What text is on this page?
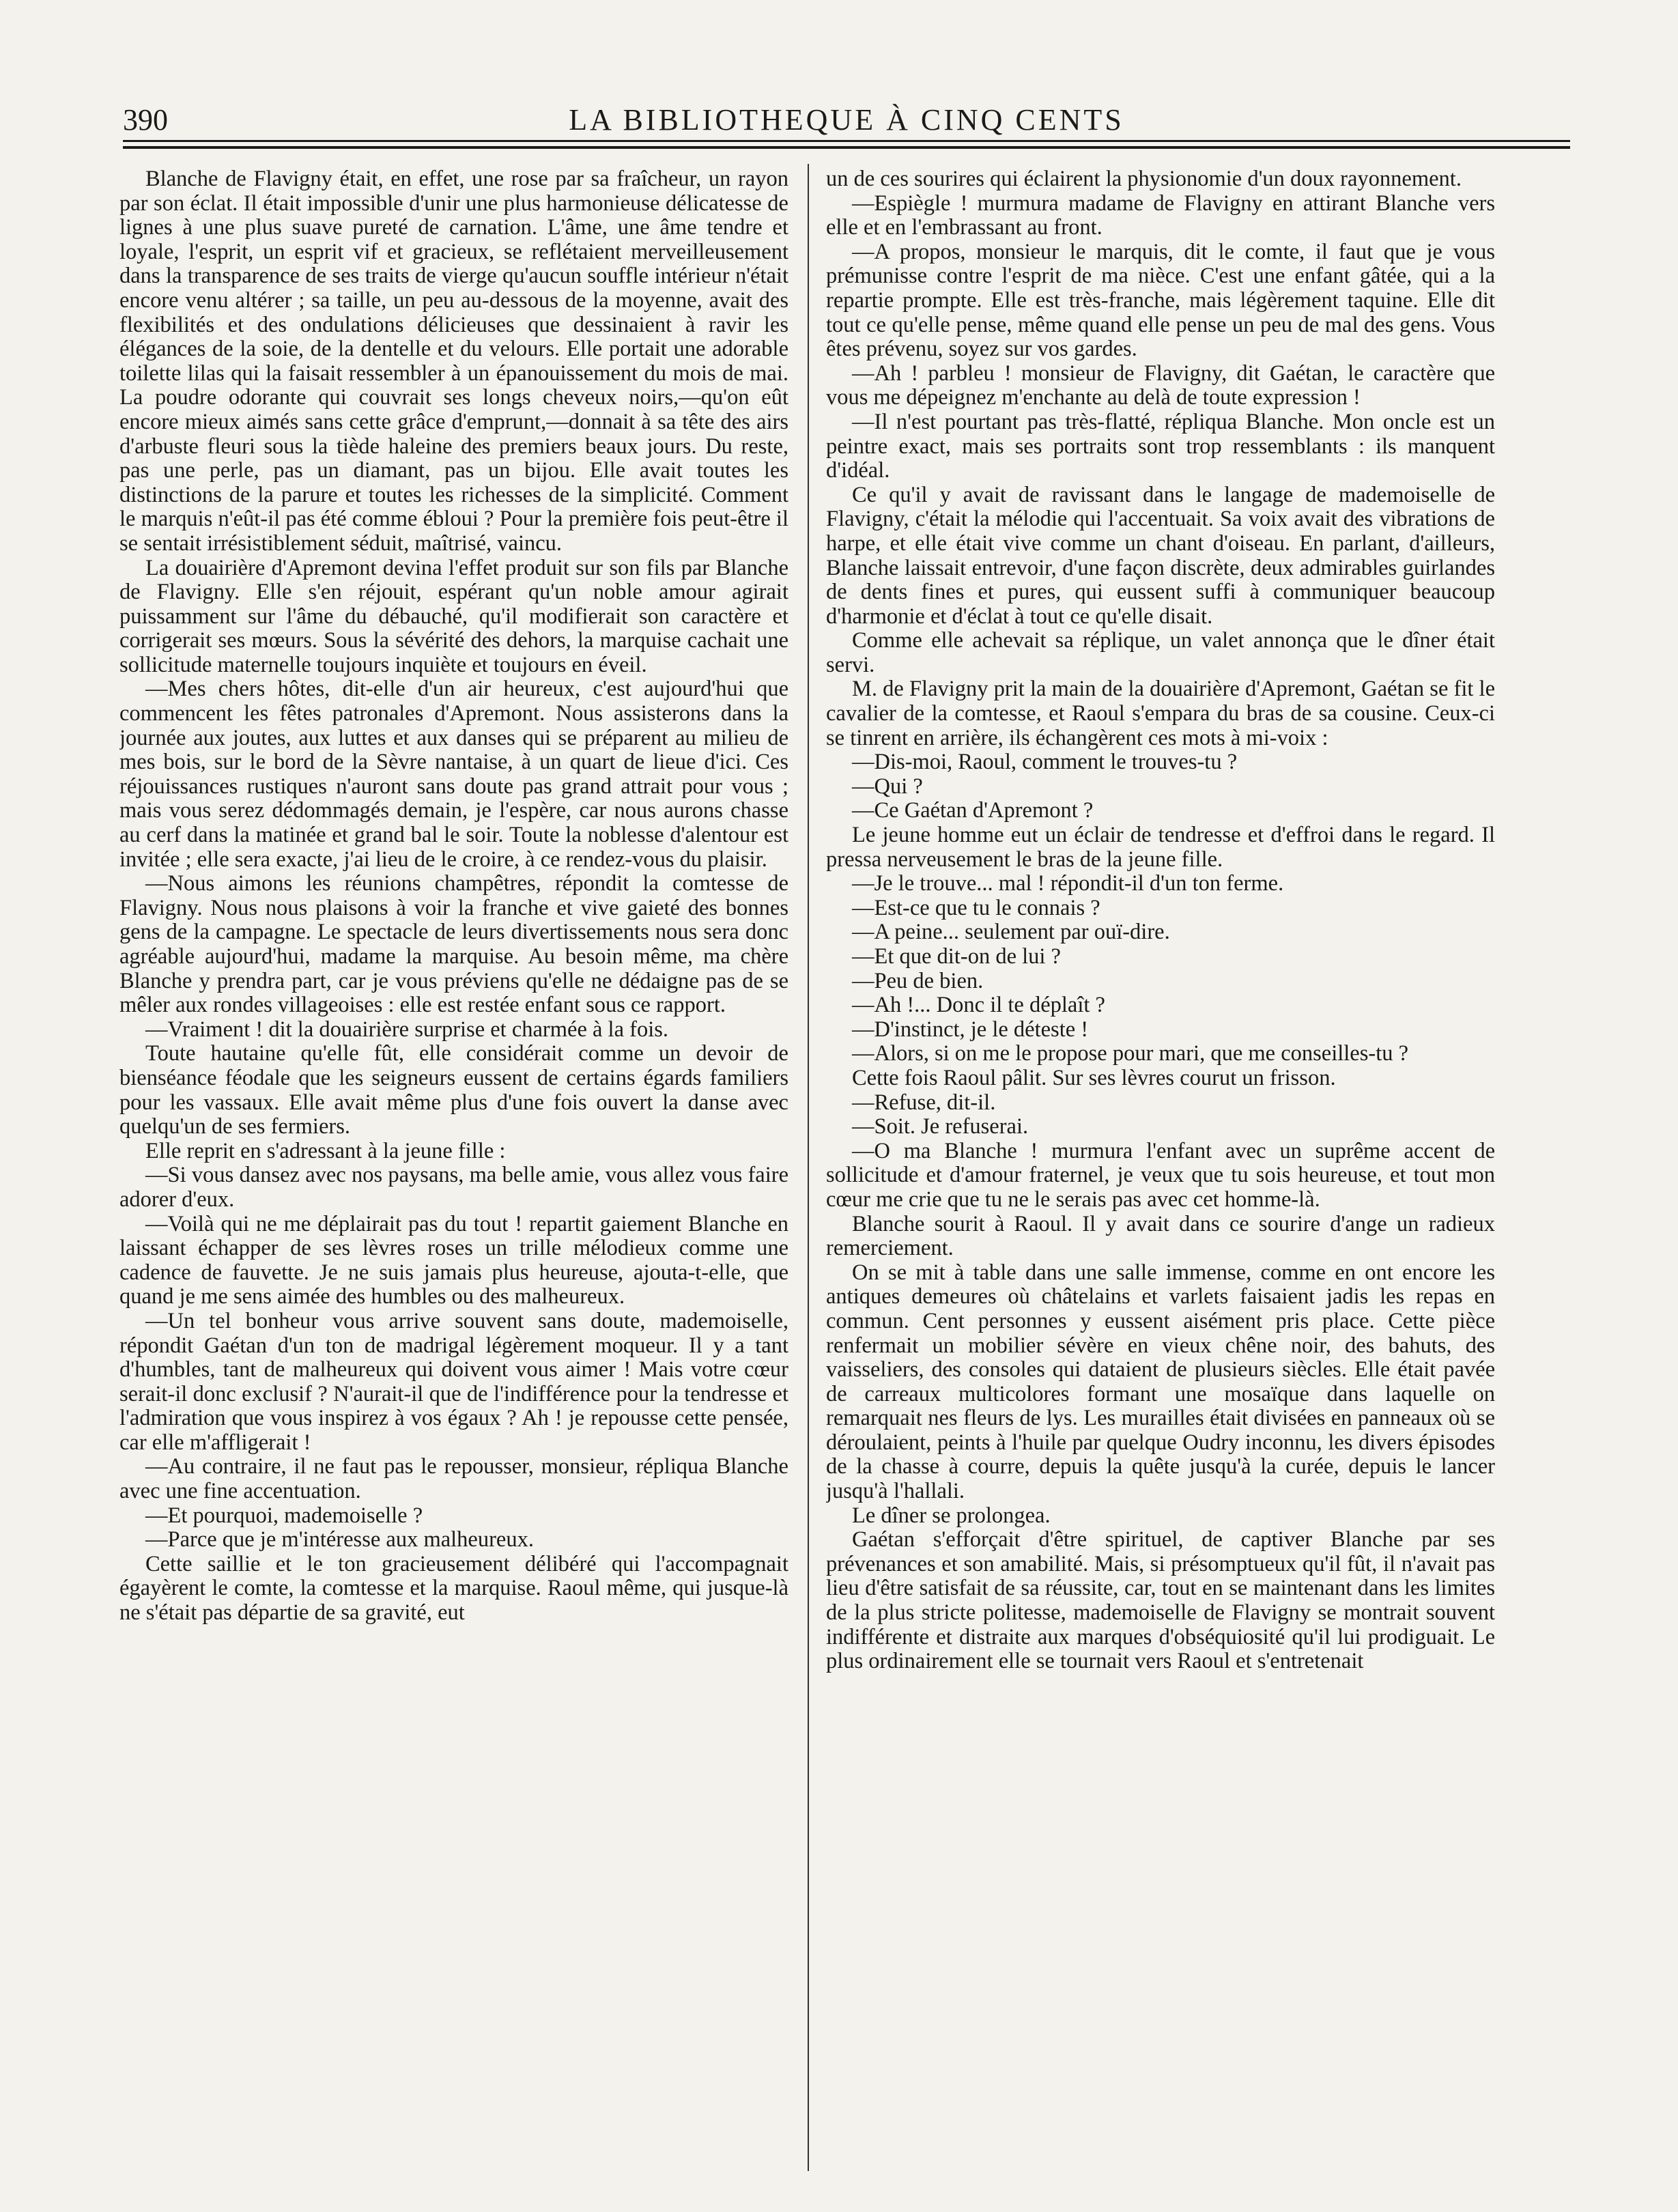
390	LA BIBLIOTHEQUE À CINQ CENTS

Blanche de Flavigny était, en effet, une rose par sa fraîcheur, un rayon par son éclat. Il était impossible d'unir une plus harmonieuse délicatesse de lignes à une plus suave pureté de carnation. L'âme, une âme tendre et loyale, l'esprit, un esprit vif et gracieux, se reflétaient merveilleusement dans la transparence de ses traits de vierge qu'aucun souffle intérieur n'était encore venu altérer ; sa taille, un peu au-dessous de la moyenne, avait des flexibilités et des ondulations délicieuses que dessinaient à ravir les élégances de la soie, de la dentelle et du velours. Elle portait une adorable toilette lilas qui la faisait ressembler à un épanouissement du mois de mai. La poudre odorante qui couvrait ses longs cheveux noirs,—qu'on eût encore mieux aimés sans cette grâce d'emprunt,—donnait à sa tête des airs d'arbuste fleuri sous la tiède haleine des premiers beaux jours. Du reste, pas une perle, pas un diamant, pas un bijou. Elle avait toutes les distinctions de la parure et toutes les richesses de la simplicité. Comment le marquis n'eût-il pas été comme ébloui ? Pour la première fois peut-être il se sentait irrésistiblement séduit, maîtrisé, vaincu.

La douairière d'Apremont devina l'effet produit sur son fils par Blanche de Flavigny. Elle s'en réjouit, espérant qu'un noble amour agirait puissamment sur l'âme du débauché, qu'il modifierait son caractère et corrigerait ses mœurs. Sous la sévérité des dehors, la marquise cachait une sollicitude maternelle toujours inquiète et toujours en éveil.

—Mes chers hôtes, dit-elle d'un air heureux, c'est aujourd'hui que commencent les fêtes patronales d'Apremont. Nous assisterons dans la journée aux joutes, aux luttes et aux danses qui se préparent au milieu de mes bois, sur le bord de la Sèvre nantaise, à un quart de lieue d'ici. Ces réjouissances rustiques n'auront sans doute pas grand attrait pour vous ; mais vous serez dédommagés demain, je l'espère, car nous aurons chasse au cerf dans la matinée et grand bal le soir. Toute la noblesse d'alentour est invitée ; elle sera exacte, j'ai lieu de le croire, à ce rendez-vous du plaisir.

—Nous aimons les réunions champêtres, répondit la comtesse de Flavigny. Nous nous plaisons à voir la franche et vive gaieté des bonnes gens de la campagne. Le spectacle de leurs divertissements nous sera donc agréable aujourd'hui, madame la marquise. Au besoin même, ma chère Blanche y prendra part, car je vous préviens qu'elle ne dédaigne pas de se mêler aux rondes villageoises : elle est restée enfant sous ce rapport.

—Vraiment ! dit la douairière surprise et charmée à la fois.

Toute hautaine qu'elle fût, elle considérait comme un devoir de bienséance féodale que les seigneurs eussent de certains égards familiers pour les vassaux. Elle avait même plus d'une fois ouvert la danse avec quelqu'un de ses fermiers.

Elle reprit en s'adressant à la jeune fille :

—Si vous dansez avec nos paysans, ma belle amie, vous allez vous faire adorer d'eux.

—Voilà qui ne me déplairait pas du tout ! repartit gaiement Blanche en laissant échapper de ses lèvres roses un trille mélodieux comme une cadence de fauvette. Je ne suis jamais plus heureuse, ajouta-t-elle, que quand je me sens aimée des humbles ou des malheureux.

—Un tel bonheur vous arrive souvent sans doute, mademoiselle, répondit Gaétan d'un ton de madrigal légèrement moqueur. Il y a tant d'humbles, tant de malheureux qui doivent vous aimer ! Mais votre cœur serait-il donc exclusif ? N'aurait-il que de l'indifférence pour la tendresse et l'admiration que vous inspirez à vos égaux ? Ah ! je repousse cette pensée, car elle m'affligerait !

—Au contraire, il ne faut pas le repousser, monsieur, répliqua Blanche avec une fine accentuation.

—Et pourquoi, mademoiselle ?

—Parce que je m'intéresse aux malheureux.

Cette saillie et le ton gracieusement délibéré qui l'accompagnait égayèrent le comte, la comtesse et la marquise. Raoul même, qui jusque-là ne s'était pas départie de sa gravité, eut

un de ces sourires qui éclairent la physionomie d'un doux rayonnement.

—Espiègle ! murmura madame de Flavigny en attirant Blanche vers elle et en l'embrassant au front.

—A propos, monsieur le marquis, dit le comte, il faut que je vous prémunisse contre l'esprit de ma nièce. C'est une enfant gâtée, qui a la repartie prompte. Elle est très-franche, mais légèrement taquine. Elle dit tout ce qu'elle pense, même quand elle pense un peu de mal des gens. Vous êtes prévenu, soyez sur vos gardes.

—Ah ! parbleu ! monsieur de Flavigny, dit Gaétan, le caractère que vous me dépeignez m'enchante au delà de toute expression !

—Il n'est pourtant pas très-flatté, répliqua Blanche. Mon oncle est un peintre exact, mais ses portraits sont trop ressemblants : ils manquent d'idéal.

Ce qu'il y avait de ravissant dans le langage de mademoiselle de Flavigny, c'était la mélodie qui l'accentuait. Sa voix avait des vibrations de harpe, et elle était vive comme un chant d'oiseau. En parlant, d'ailleurs, Blanche laissait entrevoir, d'une façon discrète, deux admirables guirlandes de dents fines et pures, qui eussent suffi à communiquer beaucoup d'harmonie et d'éclat à tout ce qu'elle disait.

Comme elle achevait sa réplique, un valet annonça que le dîner était servi.

M. de Flavigny prit la main de la douairière d'Apremont, Gaétan se fit le cavalier de la comtesse, et Raoul s'empara du bras de sa cousine. Ceux-ci se tinrent en arrière, ils échangèrent ces mots à mi-voix :

—Dis-moi, Raoul, comment le trouves-tu ?

—Qui ?

—Ce Gaétan d'Apremont ?

Le jeune homme eut un éclair de tendresse et d'effroi dans le regard. Il pressa nerveusement le bras de la jeune fille.

—Je le trouve... mal ! répondit-il d'un ton ferme.

—Est-ce que tu le connais ?

—A peine... seulement par ouï-dire.

—Et que dit-on de lui ?

—Peu de bien.

—Ah !... Donc il te déplaît ?

—D'instinct, je le déteste !

—Alors, si on me le propose pour mari, que me conseilles-tu ?

Cette fois Raoul pâlit. Sur ses lèvres courut un frisson.

—Refuse, dit-il.

—Soit. Je refuserai.

—O ma Blanche ! murmura l'enfant avec un suprême accent de sollicitude et d'amour fraternel, je veux que tu sois heureuse, et tout mon cœur me crie que tu ne le serais pas avec cet homme-là.

Blanche sourit à Raoul. Il y avait dans ce sourire d'ange un radieux remerciement.

On se mit à table dans une salle immense, comme en ont encore les antiques demeures où châtelains et varlets faisaient jadis les repas en commun. Cent personnes y eussent aisément pris place. Cette pièce renfermait un mobilier sévère en vieux chêne noir, des bahuts, des vaisseliers, des consoles qui dataient de plusieurs siècles. Elle était pavée de carreaux multicolores formant une mosaïque dans laquelle on remarquait nes fleurs de lys. Les murailles était divisées en panneaux où se déroulaient, peints à l'huile par quelque Oudry inconnu, les divers épisodes de la chasse à courre, depuis la quête jusqu'à la curée, depuis le lancer jusqu'à l'hallali.

Le dîner se prolongea.

Gaétan s'efforçait d'être spirituel, de captiver Blanche par ses prévenances et son amabilité. Mais, si présomptueux qu'il fût, il n'avait pas lieu d'être satisfait de sa réussite, car, tout en se maintenant dans les limites de la plus stricte politesse, mademoiselle de Flavigny se montrait souvent indifférente et distraite aux marques d'obséquiosité qu'il lui prodiguait. Le plus ordinairement elle se tournait vers Raoul et s'entretenait
